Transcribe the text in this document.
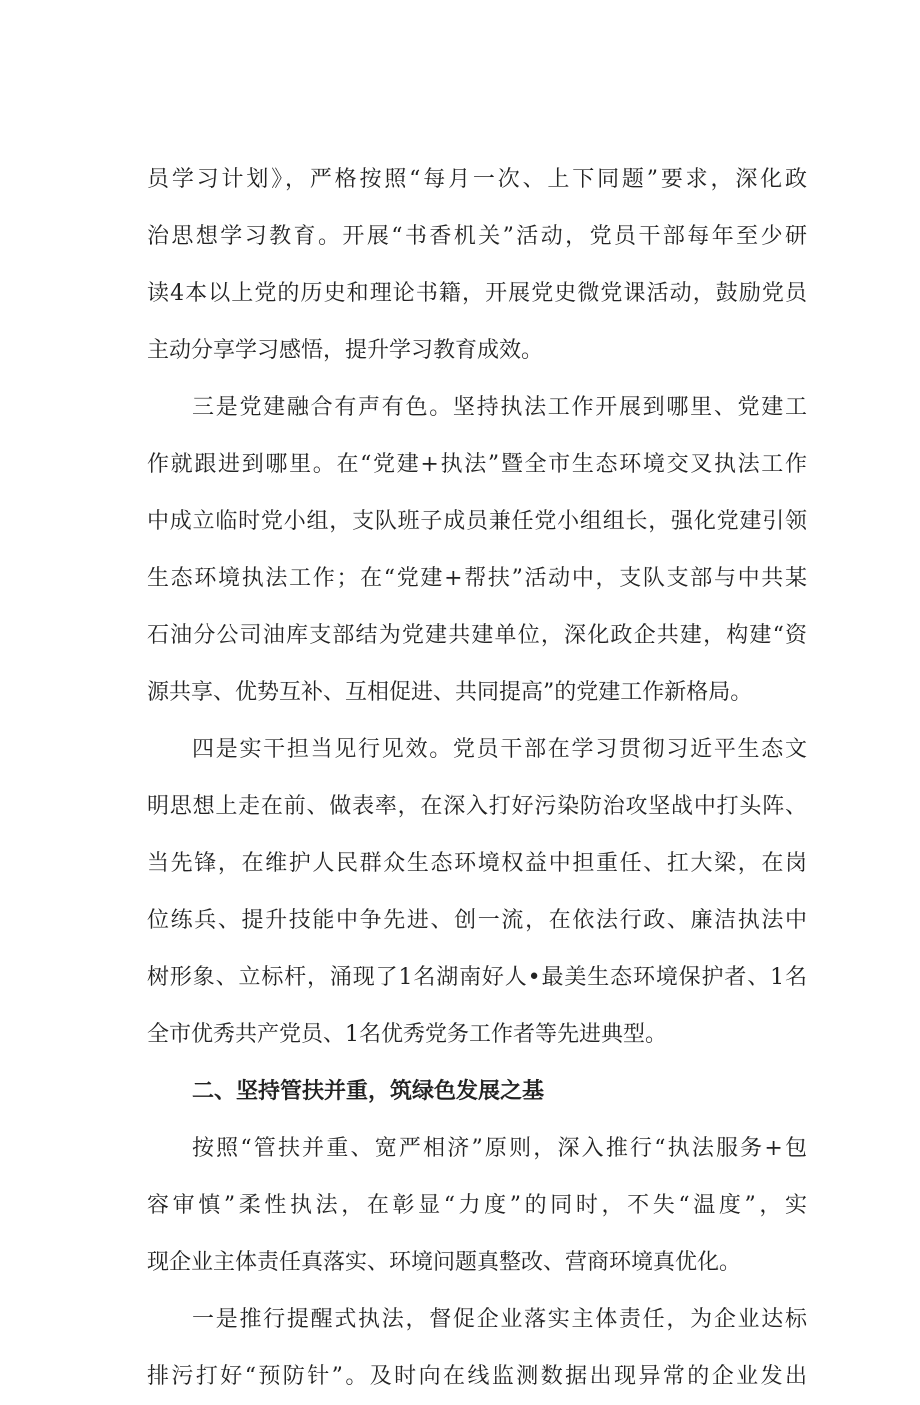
员学习计划》，严格按照“每月一次、上下同题”要求，深化政
治思想学习教育。开展“书香机关”活动，党员干部每年至少研
读4本以上党的历史和理论书籍，开展党史微党课活动，鼓励党员
主动分享学习感悟，提升学习教育成效。
三是党建融合有声有色。坚持执法工作开展到哪里、党建工
作就跟进到哪里。在“党建+执法”暨全市生态环境交叉执法工作
中成立临时党小组，支队班子成员兼任党小组组长，强化党建引领
生态环境执法工作；在“党建+帮扶”活动中，支队支部与中共某
石油分公司油库支部结为党建共建单位，深化政企共建，构建“资
源共享、优势互补、互相促进、共同提高”的党建工作新格局。
四是实干担当见行见效。党员干部在学习贯彻习近平生态文
明思想上走在前、做表率，在深入打好污染防治攻坚战中打头阵、
当先锋，在维护人民群众生态环境权益中担重任、扛大梁，在岗
位练兵、提升技能中争先进、创一流，在依法行政、廉洁执法中
树形象、立标杆，涌现了1名湖南好人•最美生态环境保护者、1名
全市优秀共产党员、1名优秀党务工作者等先进典型。
二、坚持管扶并重，筑绿色发展之基
按照“管扶并重、宽严相济”原则，深入推行“执法服务+包
容审慎”柔性执法，在彰显“力度”的同时，不失“温度”，实
现企业主体责任真落实、环境问题真整改、营商环境真优化。
一是推行提醒式执法，督促企业落实主体责任，为企业达标
排污打好“预防针”。及时向在线监测数据出现异常的企业发出
